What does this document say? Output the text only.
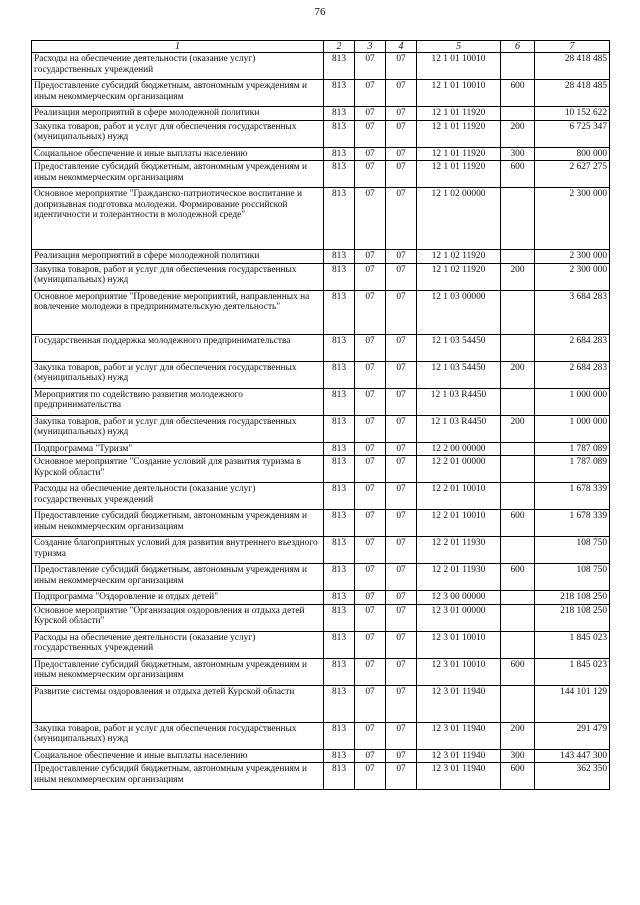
76
1	2	3	4	5	6	7
Расходы на обеспечение деятельности (оказание услуг) государственных учреждений	813	07	07	12 1 01 10010		28 418 485
Предоставление субсидий бюджетным, автономным учреждениям и иным некоммерческим организациям	813	07	07	12 1 01 10010	600	28 418 485
Реализация мероприятий в сфере молодежной политики	813	07	07	12 1 01 11920		10 152 622
Закупка товаров, работ и услуг для обеспечения государственных (муниципальных) нужд	813	07	07	12 1 01 11920	200	6 725 347
Социальное обеспечение и иные выплаты населению	813	07	07	12 1 01 11920	300	800 000
Предоставление субсидий бюджетным, автономным учреждениям и иным некоммерческим организациям	813	07	07	12 1 01 11920	600	2 627 275
Основное мероприятие "Гражданско-патриотическое воспитание и допризывная подготовка молодежи. Формирование российской идентичности и толерантности в молодежной среде"	813	07	07	12 1 02 00000		2 300 000
Реализация мероприятий в сфере молодежной политики	813	07	07	12 1 02 11920		2 300 000
Закупка товаров, работ и услуг для обеспечения государственных (муниципальных) нужд	813	07	07	12 1 02 11920	200	2 300 000
Основное мероприятие "Проведение мероприятий, направленных на вовлечение молодежи в предпринимательскую деятельность"	813	07	07	12 1 03 00000		3 684 283
Государственная поддержка молодежного предпринимательства	813	07	07	12 1 03 54450		2 684 283
Закупка товаров, работ и услуг для обеспечения государственных (муниципальных) нужд	813	07	07	12 1 03 54450	200	2 684 283
Мероприятия по содействию развития молодежного предпринимательства	813	07	07	12 1 03 R4450		1 000 000
Закупка товаров, работ и услуг для обеспечения государственных (муниципальных) нужд	813	07	07	12 1 03 R4450	200	1 000 000
Подпрограмма "Туризм"	813	07	07	12 2 00 00000		1 787 089
Основное мероприятие "Создание условий для развития туризма в Курской области"	813	07	07	12 2 01 00000		1 787 089
Расходы на обеспечение деятельности (оказание услуг) государственных учреждений	813	07	07	12 2 01 10010		1 678 339
Предоставление субсидий бюджетным, автономным учреждениям и иным некоммерческим организациям	813	07	07	12 2 01 10010	600	1 678 339
Создание благоприятных условий для развития внутреннего въездного туризма	813	07	07	12 2 01 11930		108 750
Предоставление субсидий бюджетным, автономным учреждениям и иным некоммерческим организациям	813	07	07	12 2 01 11930	600	108 750
Подпрограмма "Оздоровление и отдых детей"	813	07	07	12 3 00 00000		218 108 250
Основное мероприятие "Организация оздоровления и отдыха детей Курской области"	813	07	07	12 3 01 00000		218 108 250
Расходы на обеспечение деятельности (оказание услуг) государственных учреждений	813	07	07	12 3 01 10010		1 845 023
Предоставление субсидий бюджетным, автономным учреждениям и иным некоммерческим организациям	813	07	07	12 3 01 10010	600	1 845 023
Развитие системы оздоровления и отдыха детей Курской области	813	07	07	12 3 01 11940		144 101 129
Закупка товаров, работ и услуг для обеспечения государственных (муниципальных) нужд	813	07	07	12 3 01 11940	200	291 479
Социальное обеспечение и иные выплаты населению	813	07	07	12 3 01 11940	300	143 447 300
Предоставление субсидий бюджетным, автономным учреждениям и иным некоммерческим организациям	813	07	07	12 3 01 11940	600	362 350
